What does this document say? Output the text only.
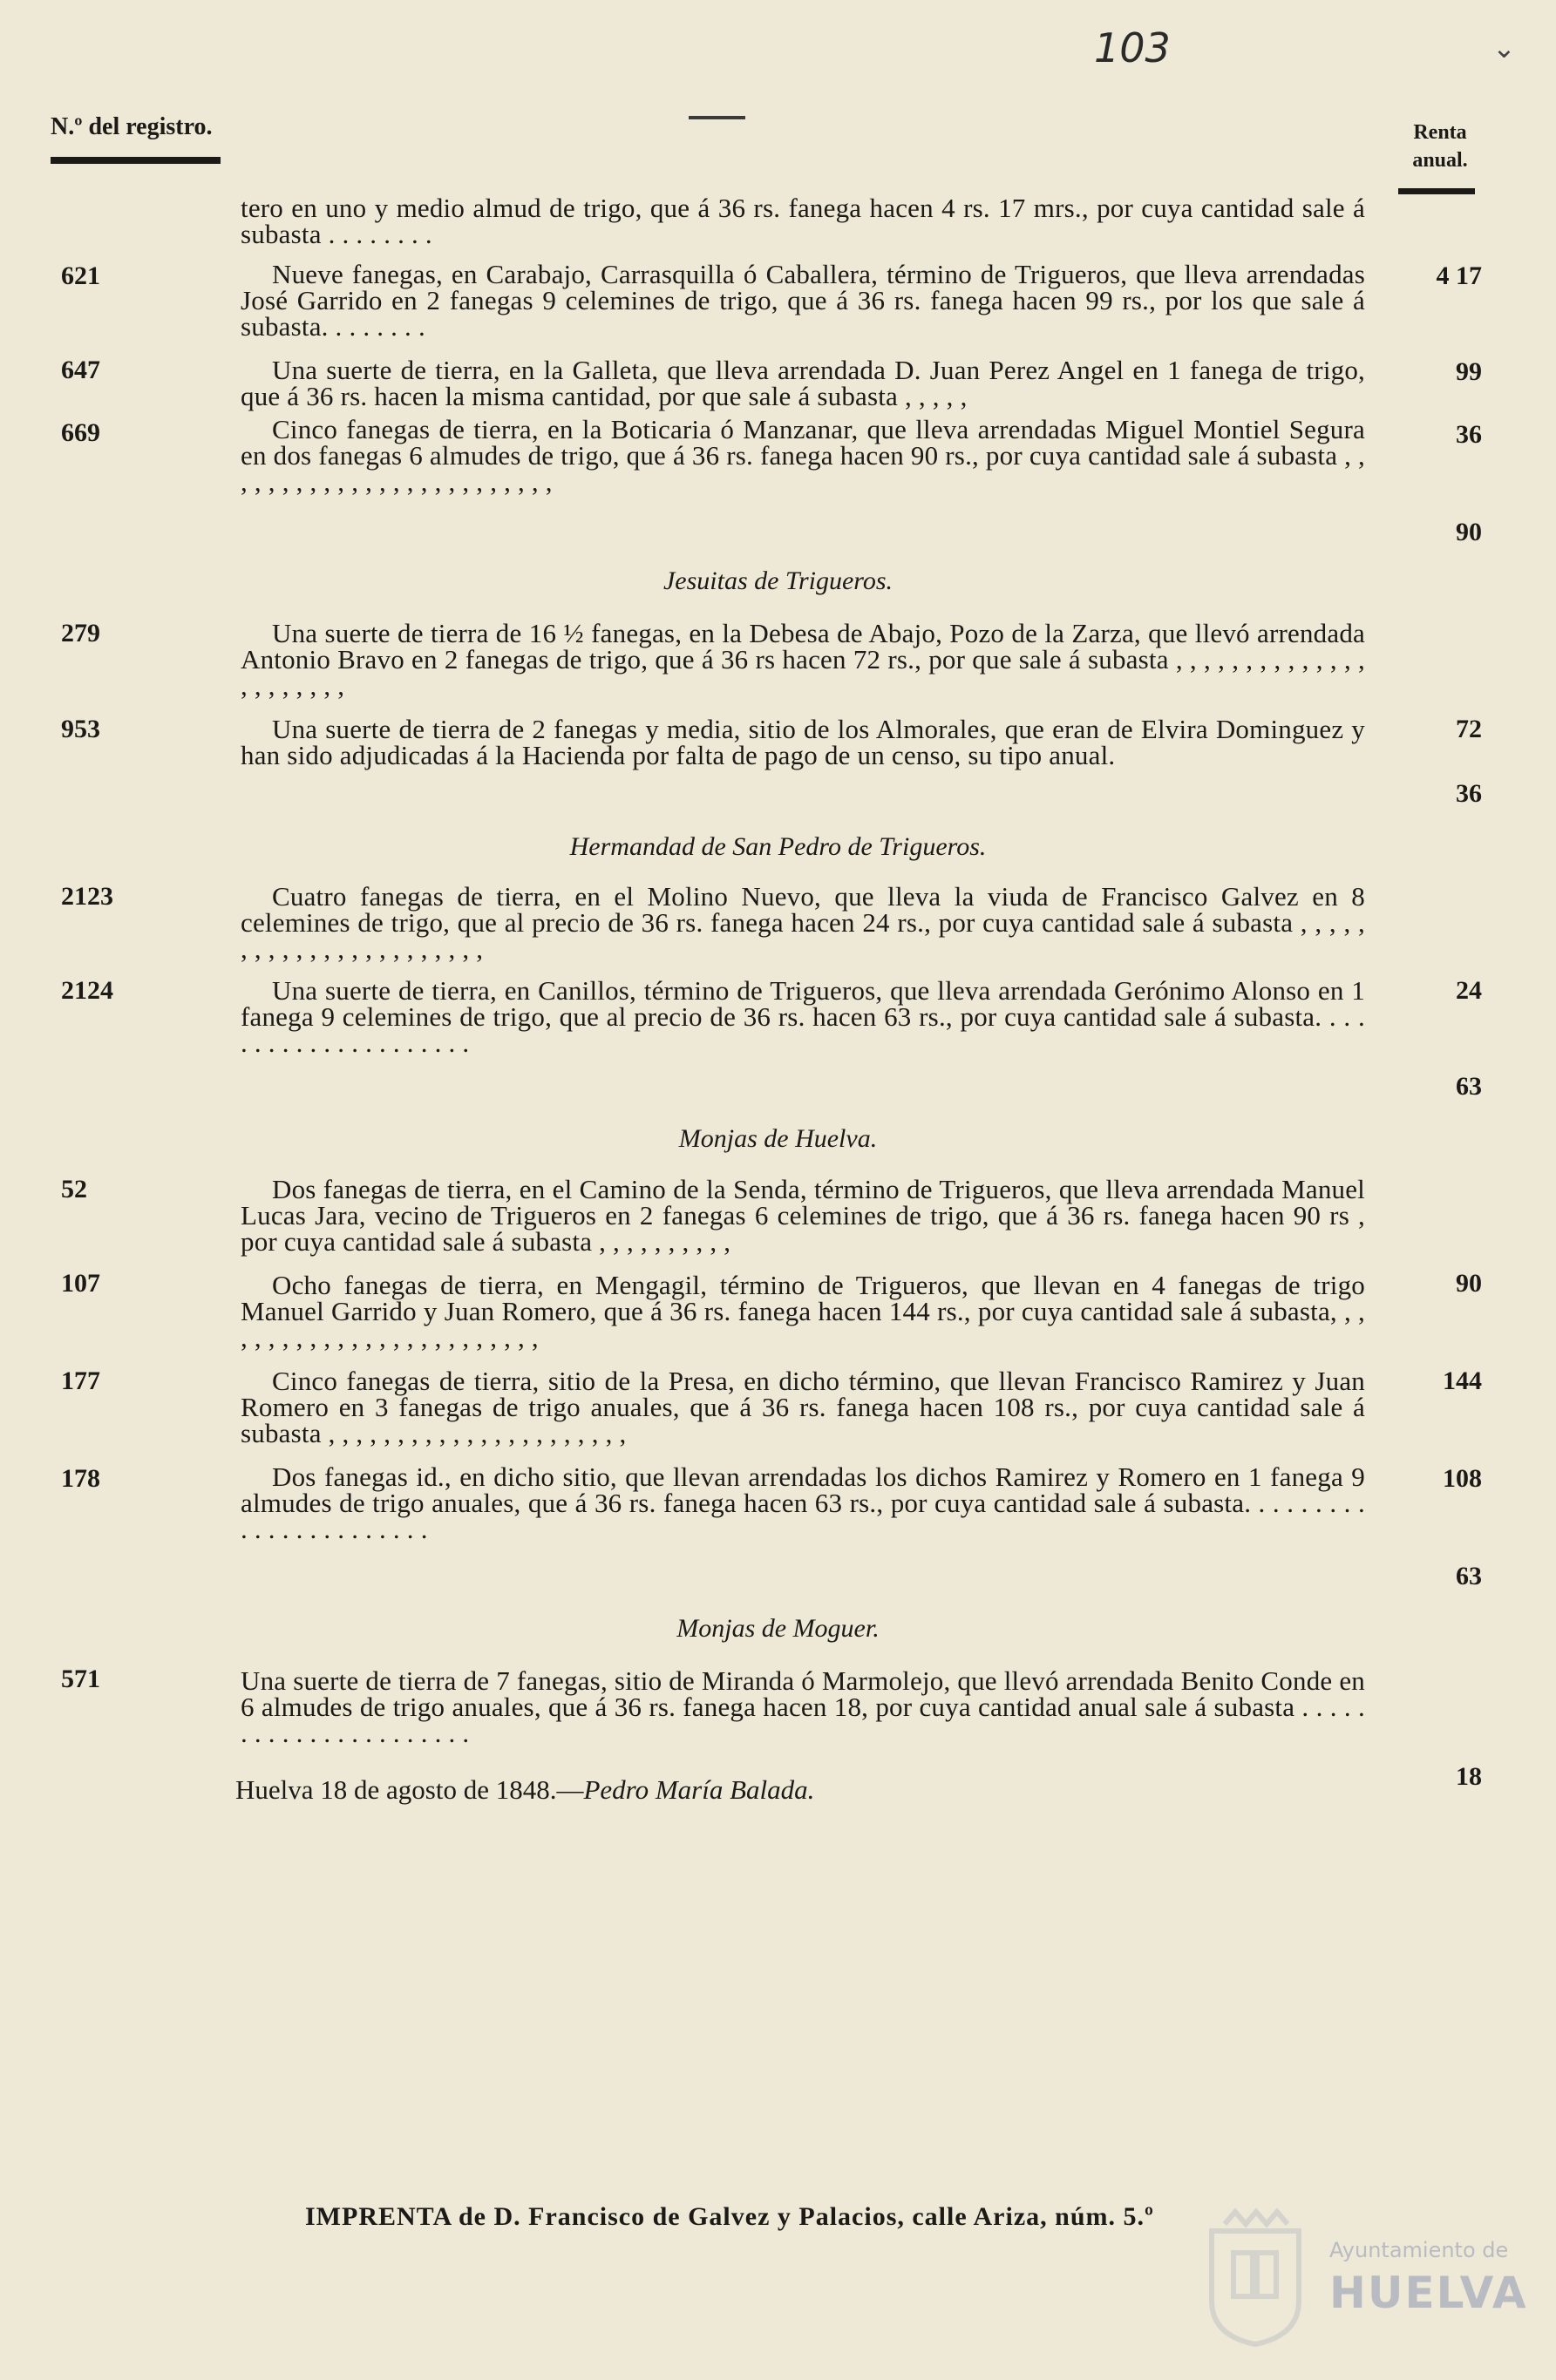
103	⌄
N.º del registro.	Renta
anual.
tero en uno y medio almud de trigo, que á 36 rs. fanega hacen 4 rs. 17 mrs., por cuya cantidad sale á subasta . . . . . . . .
4 17
621	Nueve fanegas, en Carabajo, Carrasquilla ó Caballera, término de Trigueros, que lleva arrendadas José Garrido en 2 fanegas 9 celemines de trigo, que á 36 rs. fanega hacen 99 rs., por los que sale á subasta. . . . . . . .
99
647	Una suerte de tierra, en la Galleta, que lleva arrendada D. Juan Perez Angel en 1 fanega de trigo, que á 36 rs. hacen la misma cantidad, por que sale á subasta , , , , ,
36
669	Cinco fanegas de tierra, en la Boticaria ó Manzanar, que lleva arrendadas Miguel Montiel Segura en dos fanegas 6 almudes de trigo, que á 36 rs. fanega hacen 90 rs., por cuya cantidad sale á subasta , , , , , , , , , , , , , , , , , , , , , , , , ,
90
Jesuitas de Trigueros.
279	Una suerte de tierra de 16 ½ fanegas, en la Debesa de Abajo, Pozo de la Zarza, que llevó arrendada Antonio Bravo en 2 fanegas de trigo, que á 36 rs hacen 72 rs., por que sale á subasta , , , , , , , , , , , , , , , , , , , , , ,
72
953	Una suerte de tierra de 2 fanegas y media, sitio de los Almorales, que eran de Elvira Dominguez y han sido adjudicadas á la Hacienda por falta de pago de un censo, su tipo anual.
36
Hermandad de San Pedro de Trigueros.
2123	Cuatro fanegas de tierra, en el Molino Nuevo, que lleva la viuda de Francisco Galvez en 8 celemines de trigo, que al precio de 36 rs. fanega hacen 24 rs., por cuya cantidad sale á subasta , , , , , , , , , , , , , , , , , , , , , , ,
24
2124	Una suerte de tierra, en Canillos, término de Trigueros, que lleva arrendada Gerónimo Alonso en 1 fanega 9 celemines de trigo, que al precio de 36 rs. hacen 63 rs., por cuya cantidad sale á subasta. . . . . . . . . . . . . . . . . . . . .
63
Monjas de Huelva.
52	Dos fanegas de tierra, en el Camino de la Senda, término de Trigueros, que lleva arrendada Manuel Lucas Jara, vecino de Trigueros en 2 fanegas 6 celemines de trigo, que á 36 rs. fanega hacen 90 rs , por cuya cantidad sale á subasta , , , , , , , , , ,
90
107	Ocho fanegas de tierra, en Mengagil, término de Trigueros, que llevan en 4 fanegas de trigo Manuel Garrido y Juan Romero, que á 36 rs. fanega hacen 144 rs., por cuya cantidad sale á subasta, , , , , , , , , , , , , , , , , , , , , , , , ,
144
177	Cinco fanegas de tierra, sitio de la Presa, en dicho término, que llevan Francisco Ramirez y Juan Romero en 3 fanegas de trigo anuales, que á 36 rs. fanega hacen 108 rs., por cuya cantidad sale á subasta , , , , , , , , , , , , , , , , , , , , , ,
108
178	Dos fanegas id., en dicho sitio, que llevan arrendadas los dichos Ramirez y Romero en 1 fanega 9 almudes de trigo anuales, que á 36 rs. fanega hacen 63 rs., por cuya cantidad sale á subasta. . . . . . . . . . . . . . . . . . . . . . .
63
Monjas de Moguer.
571	Una suerte de tierra de 7 fanegas, sitio de Miranda ó Marmolejo, que llevó arrendada Benito Conde en 6 almudes de trigo anuales, que á 36 rs. fanega hacen 18, por cuya cantidad anual sale á subasta . . . . . . . . . . . . . . . . . . . . . .
18
Huelva 18 de agosto de 1848.—Pedro María Balada.
IMPRENTA de D. Francisco de Galvez y Palacios, calle Ariza, núm. 5.º
Ayuntamiento de
HUELVA
